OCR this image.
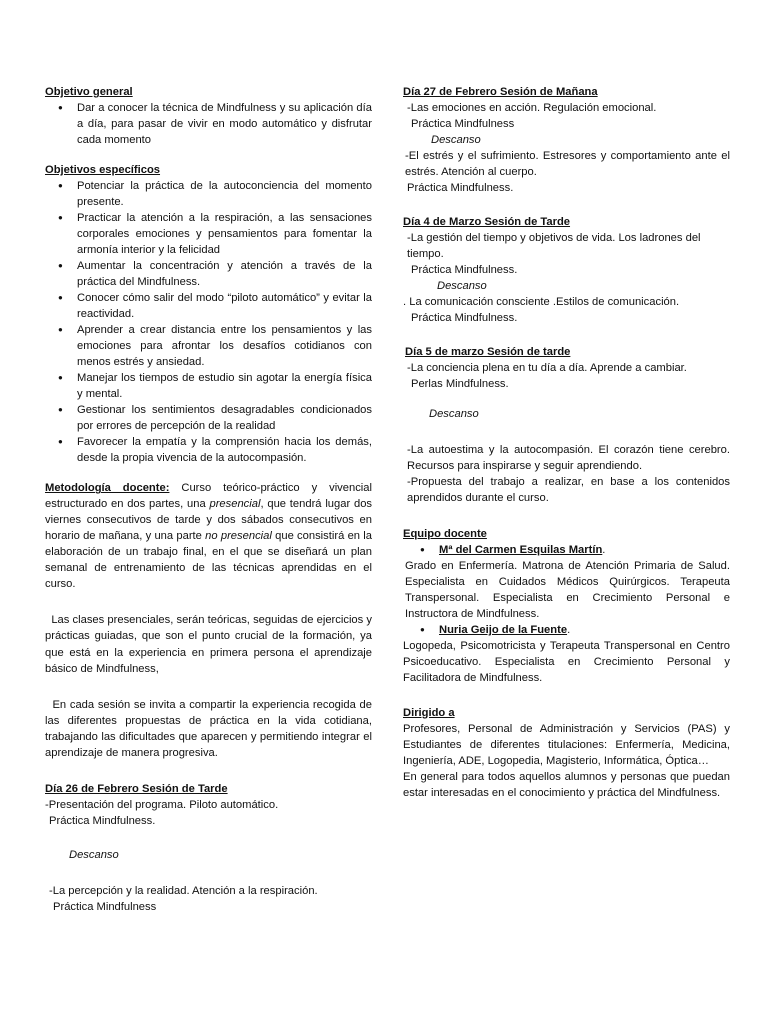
Objetivo general
● Dar a conocer la técnica de Mindfulness y su aplicación día a día, para pasar de vivir en modo automático y disfrutar cada momento
Objetivos específicos
● Potenciar la práctica de la autoconciencia del momento presente.
● Practicar la atención a la respiración, a las sensaciones corporales emociones y pensamientos para fomentar la armonía interior y la felicidad
● Aumentar la concentración y atención a través de la práctica del Mindfulness.
● Conocer cómo salir del modo “piloto automático” y evitar la reactividad.
● Aprender a crear distancia entre los pensamientos y las emociones para afrontar los desafíos cotidianos con menos estrés y ansiedad.
● Manejar los tiempos de estudio sin agotar la energía física y mental.
● Gestionar los sentimientos desagradables condicionados por errores de percepción de la realidad
● Favorecer la empatía y la comprensión hacia los demás, desde la propia vivencia de la autocompasión.
Metodología docente: Curso teórico-práctico y vivencial estructurado en dos partes, una presencial, que tendrá lugar dos viernes consecutivos de tarde y dos sábados consecutivos en horario de mañana, y una parte no presencial que consistirá en la elaboración de un trabajo final, en el que se diseñará un plan semanal de entrenamiento de las técnicas aprendidas en el curso.
Las clases presenciales, serán teóricas, seguidas de ejercicios y prácticas guiadas, que son el punto crucial de la formación, ya que está en la experiencia en primera persona el aprendizaje básico de Mindfulness,
En cada sesión se invita a compartir la experiencia recogida de las diferentes propuestas de práctica en la vida cotidiana, trabajando las dificultades que aparecen y permitiendo integrar el aprendizaje de manera progresiva.
Día 26 de Febrero Sesión de Tarde
-Presentación del programa. Piloto automático.
Práctica Mindfulness.
Descanso
-La percepción y la realidad. Atención a la respiración.
Práctica Mindfulness
Día 27 de Febrero Sesión de Mañana
-Las emociones en acción. Regulación emocional.
Práctica Mindfulness
Descanso
-El estrés y el sufrimiento. Estresores y comportamiento ante el estrés. Atención al cuerpo.
Práctica Mindfulness.
Día 4 de Marzo Sesión de Tarde
-La gestión del tiempo y objetivos de vida. Los ladrones del tiempo.
Práctica Mindfulness.
Descanso
. La comunicación consciente .Estilos de comunicación.
Práctica Mindfulness.
Día 5 de marzo Sesión de tarde
-La conciencia plena en tu día a día. Aprende a cambiar.
Perlas Mindfulness.
Descanso
-La autoestima y la autocompasión. El corazón tiene cerebro. Recursos para inspirarse y seguir aprendiendo.
-Propuesta del trabajo a realizar, en base a los contenidos aprendidos durante el curso.
Equipo docente
● Mª del Carmen Esquilas Martín.
Grado en Enfermería. Matrona de Atención Primaria de Salud. Especialista en Cuidados Médicos Quirúrgicos. Terapeuta Transpersonal. Especialista en Crecimiento Personal e Instructora de Mindfulness.
● Nuria Geijo de la Fuente.
Logopeda, Psicomotricista y Terapeuta Transpersonal en Centro Psicoeducativo. Especialista en Crecimiento Personal y Facilitadora de Mindfulness.
Dirigido a
Profesores, Personal de Administración y Servicios (PAS) y Estudiantes de diferentes titulaciones: Enfermería, Medicina, Ingeniería, ADE, Logopedia, Magisterio, Informática, Óptica…
En general para todos aquellos alumnos y personas que puedan estar interesadas en el conocimiento y práctica del Mindfulness.
